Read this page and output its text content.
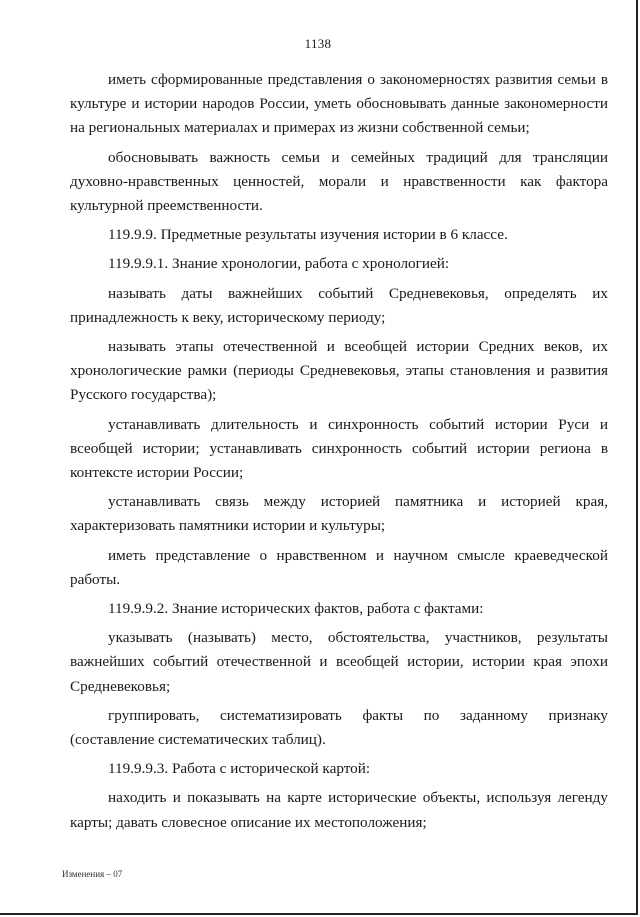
1138

иметь сформированные представления о закономерностях развития семьи в культуре и истории народов России, уметь обосновывать данные закономерности на региональных материалах и примерах из жизни собственной семьи;

обосновывать важность семьи и семейных традиций для трансляции духовно-нравственных ценностей, морали и нравственности как фактора культурной преемственности.

119.9.9. Предметные результаты изучения истории в 6 классе.

119.9.9.1. Знание хронологии, работа с хронологией:

называть даты важнейших событий Средневековья, определять их принадлежность к веку, историческому периоду;

называть этапы отечественной и всеобщей истории Средних веков, их хронологические рамки (периоды Средневековья, этапы становления и развития Русского государства);

устанавливать длительность и синхронность событий истории Руси и всеобщей истории; устанавливать синхронность событий истории региона в контексте истории России;

устанавливать связь между историей памятника и историей края, характеризовать памятники истории и культуры;

иметь представление о нравственном и научном смысле краеведческой работы.

119.9.9.2. Знание исторических фактов, работа с фактами:

указывать (называть) место, обстоятельства, участников, результаты важнейших событий отечественной и всеобщей истории, истории края эпохи Средневековья;

группировать, систематизировать факты по заданному признаку (составление систематических таблиц).

119.9.9.3. Работа с исторической картой:

находить и показывать на карте исторические объекты, используя легенду карты; давать словесное описание их местоположения;

Изменения – 07
